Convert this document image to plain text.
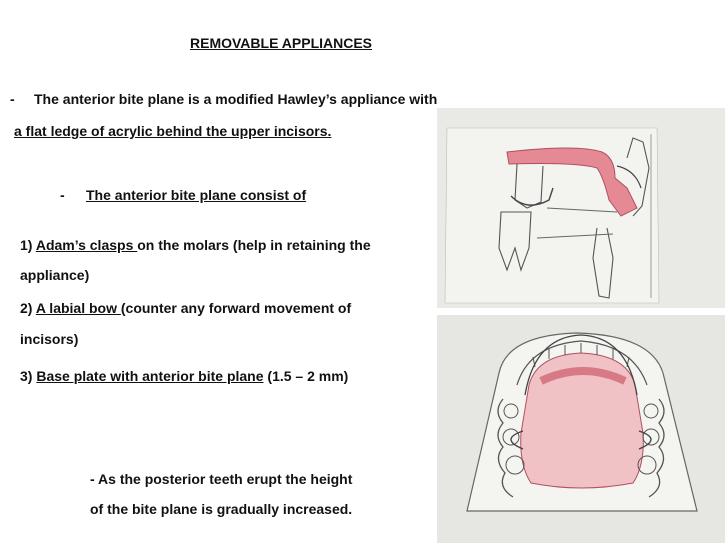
REMOVABLE APPLIANCES
- The anterior bite plane is a modified Hawley’s appliance with
a flat ledge of acrylic behind the upper incisors.
- The anterior bite plane consist of
1) Adam’s clasps on the molars (help in retaining the
appliance)
2) A labial bow (counter any forward movement of
incisors)
3) Base plate with anterior bite plane (1.5 – 2 mm)
- As the posterior teeth erupt the height
of the bite plane is gradually increased.
